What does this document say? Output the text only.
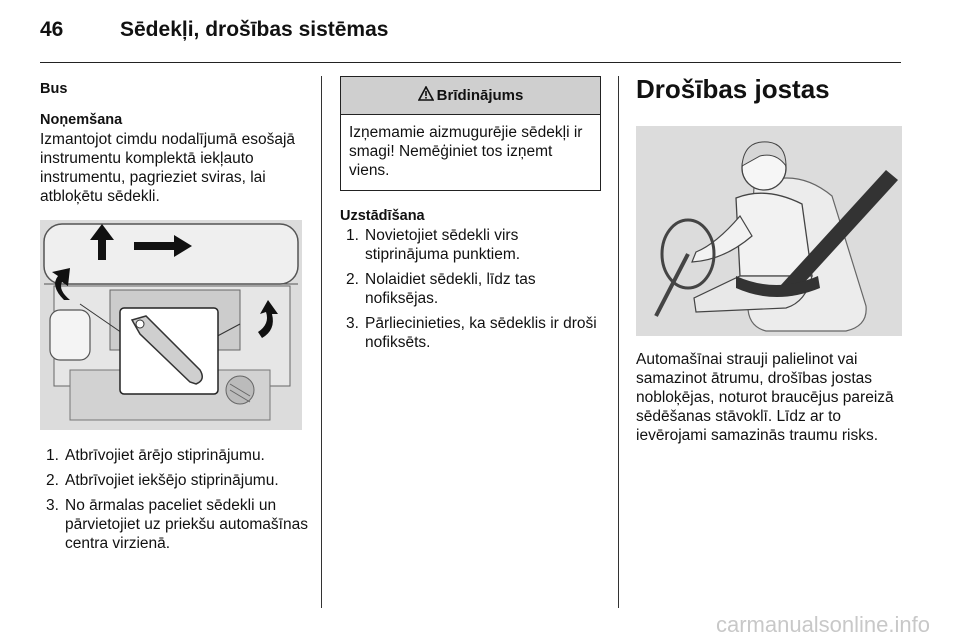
46	Sēdekļi, drošības sistēmas
Bus
Noņemšana

Izmantojot cimdu nodalījumā esošajā instrumentu komplektā iekļauto instrumentu, pagrieziet sviras, lai atbloķētu sēdekli.

1. Atbrīvojiet ārējo stiprinājumu.
2. Atbrīvojiet iekšējo stiprinājumu.
3. No ārmalas paceliet sēdekli un pārvietojiet uz priekšu automašīnas centra virzienā.
Brīdinājums
Izņemamie aizmugurējie sēdekļi ir smagi! Nemēģiniet tos izņemt viens.
Uzstādīšana
1. Novietojiet sēdekli virs stiprinājuma punktiem.
2. Nolaidiet sēdekli, līdz tas nofiksējas.
3. Pārliecinieties, ka sēdeklis ir droši nofiksēts.
Drošības jostas

Automašīnai strauji palielinot vai samazinot ātrumu, drošības jostas nobloķējas, noturot braucējus pareizā sēdēšanas stāvoklī. Līdz ar to ievērojami samazinās traumu risks.

carmanualsonline.info
